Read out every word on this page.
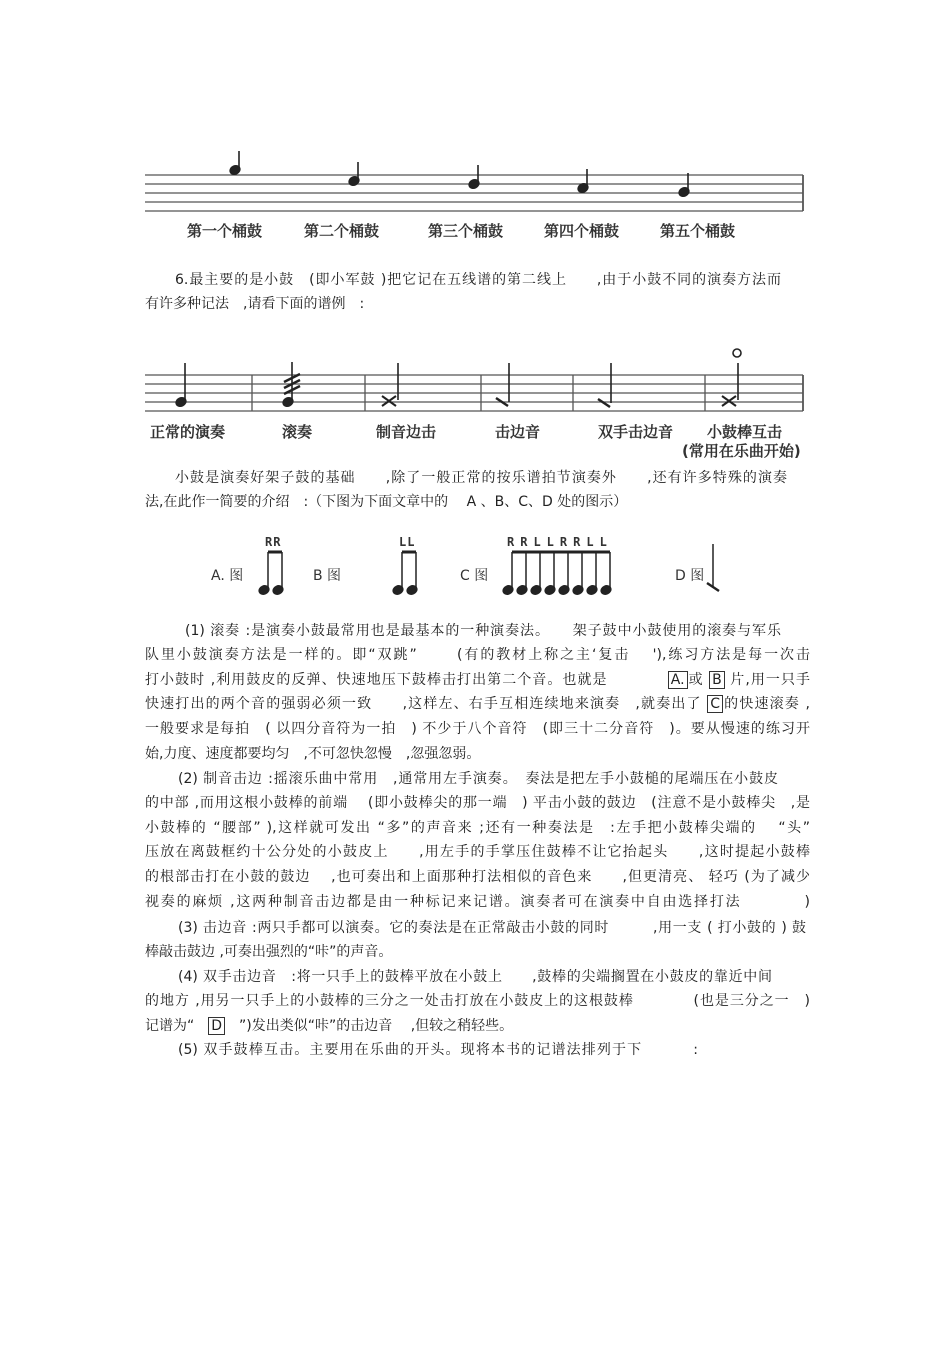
第一个桶鼓	第二个桶鼓	第三个桶鼓	第四个桶鼓	第五个桶鼓
6.最主要的是小鼓　(即小军鼓 )把它记在五线谱的第二线上　　,由于小鼓不同的演奏方法而
有许多种记法　,请看下面的谱例　:
正常的演奏	滚奏	制音边击	击边音	双手击边音 小鼓棒互击
(常用在乐曲开始)
小鼓是演奏好架子鼓的基础　　,除了一般正常的按乐谱拍节演奏外　　,还有许多特殊的演奏
法,在此作一简要的介绍　:（下图为下面文章中的　 A 、B、C、D 处的图示）
A. 图	B 图	C 图	D 图
RR	LL	RRLLRRLL
(1) 滚奏 :是演奏小鼓最常用也是最基本的一种演奏法。　　架子鼓中小鼓使用的滚奏与军乐
队里小鼓演奏方法是一样的。即“双跳”　　 (有的教材上称之主‘复击　 '),练习方法是每一次击
打小鼓时 ,利用鼓皮的反弹、快速地压下鼓棒击打出第二个音。也就是　　　　A. 或 B 片,用一只手
快速打出的两个音的强弱必须一致　　,这样左、右手互相连续地来演奏　,就奏出了 C 的快速滚奏 ,
一般要求是每拍　( 以四分音符为一拍　) 不少于八个音符　(即三十二分音符　)。要从慢速的练习开
始,力度、速度都要均匀　,不可忽快忽慢　,忽强忽弱。
(2) 制音击边 :摇滚乐曲中常用　,通常用左手演奏。　奏法是把左手小鼓槌的尾端压在小鼓皮
的中部 ,而用这根小鼓棒的前端　 (即小鼓棒尖的那一端　) 平击小鼓的鼓边　(注意不是小鼓棒尖　,是
小鼓棒的 “腰部” ),这样就可发出 “多”的声音来 ;还有一种奏法是　:左手把小鼓棒尖端的　 “头”
压放在离鼓框约十公分处的小鼓皮上　　,用左手的手掌压住鼓棒不让它抬起头　　,这时提起小鼓棒
的根部击打在小鼓的鼓边　 ,也可奏出和上面那种打法相似的音色来　　,但更清亮、 轻巧 (为了减少
视奏的麻烦 ,这两种制音击边都是由一种标记来记谱。演奏者可在演奏中自由选择打法　　　　)
(3) 击边音 :两只手都可以演奏。它的奏法是在正常敲击小鼓的同时　　　,用一支 ( 打小鼓的 ) 鼓
棒敲击鼓边 ,可奏出强烈的“咔”的声音。
(4) 双手击边音　:将一只手上的鼓棒平放在小鼓上　　,鼓棒的尖端搁置在小鼓皮的靠近中间
的地方 ,用另一只手上的小鼓棒的三分之一处击打放在小鼓皮上的这根鼓棒　　　　(也是三分之一　)
记谱为“　D　”)发出类似“咔”的击边音　 ,但较之稍轻些。
(5) 双手鼓棒互击。主要用在乐曲的开头。现将本书的记谱法排列于下　　　 :
